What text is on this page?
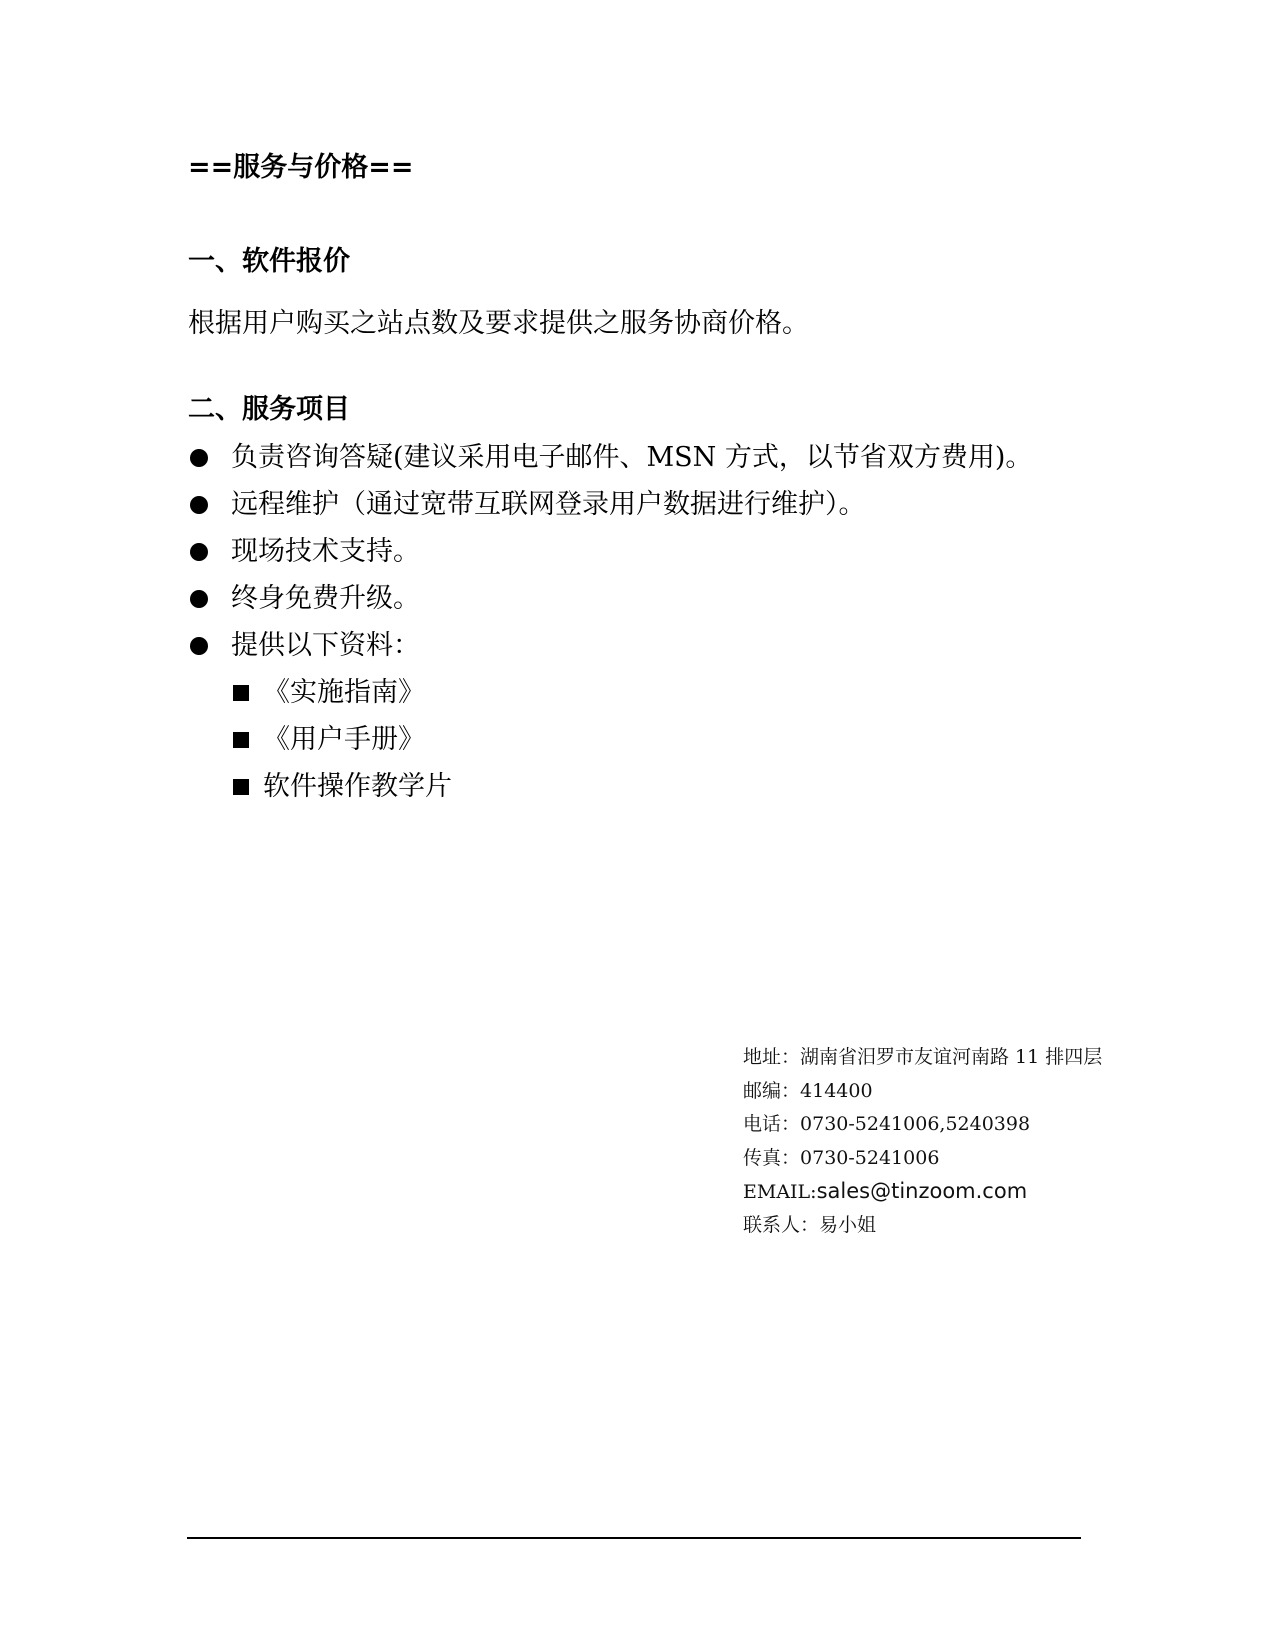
==服务与价格==
一、软件报价

根据用户购买之站点数及要求提供之服务协商价格。

二、服务项目
负责咨询答疑(建议采用电子邮件、MSN 方式，以节省双方费用)。
远程维护（通过宽带互联网登录用户数据进行维护）。
现场技术支持。
终身免费升级。
提供以下资料：
《实施指南》
《用户手册》
软件操作教学片
地址：湖南省汨罗市友谊河南路 11 排四层
邮编：414400
电话：0730-5241006,5240398
传真：0730-5241006
EMAIL:sales@tinzoom.com
联系人：易小姐
